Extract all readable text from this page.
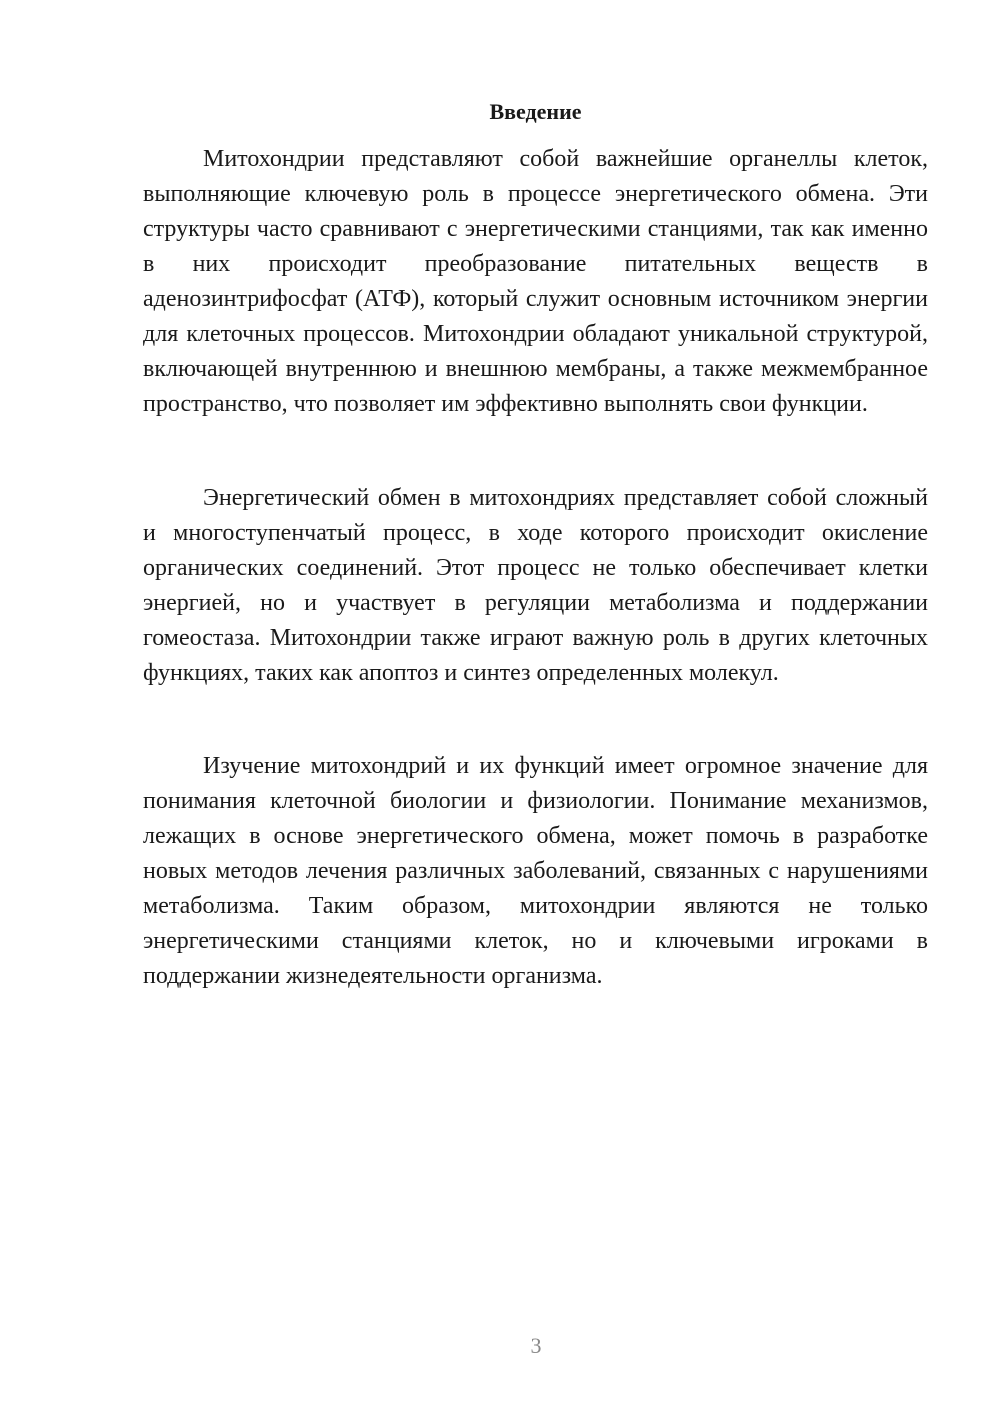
Введение

Митохондрии представляют собой важнейшие органеллы клеток, выполняющие ключевую роль в процессе энергетического обмена. Эти структуры часто сравнивают с энергетическими станциями, так как именно в них происходит преобразование питательных веществ в аденозинтрифосфат (АТФ), который служит основным источником энергии для клеточных процессов. Митохондрии обладают уникальной структурой, включающей внутреннюю и внешнюю мембраны, а также межмембранное пространство, что позволяет им эффективно выполнять свои функции.

Энергетический обмен в митохондриях представляет собой сложный и многоступенчатый процесс, в ходе которого происходит окисление органических соединений. Этот процесс не только обеспечивает клетки энергией, но и участвует в регуляции метаболизма и поддержании гомеостаза. Митохондрии также играют важную роль в других клеточных функциях, таких как апоптоз и синтез определенных молекул.

Изучение митохондрий и их функций имеет огромное значение для понимания клеточной биологии и физиологии. Понимание механизмов, лежащих в основе энергетического обмена, может помочь в разработке новых методов лечения различных заболеваний, связанных с нарушениями метаболизма. Таким образом, митохондрии являются не только энергетическими станциями клеток, но и ключевыми игроками в поддержании жизнедеятельности организма.

3
